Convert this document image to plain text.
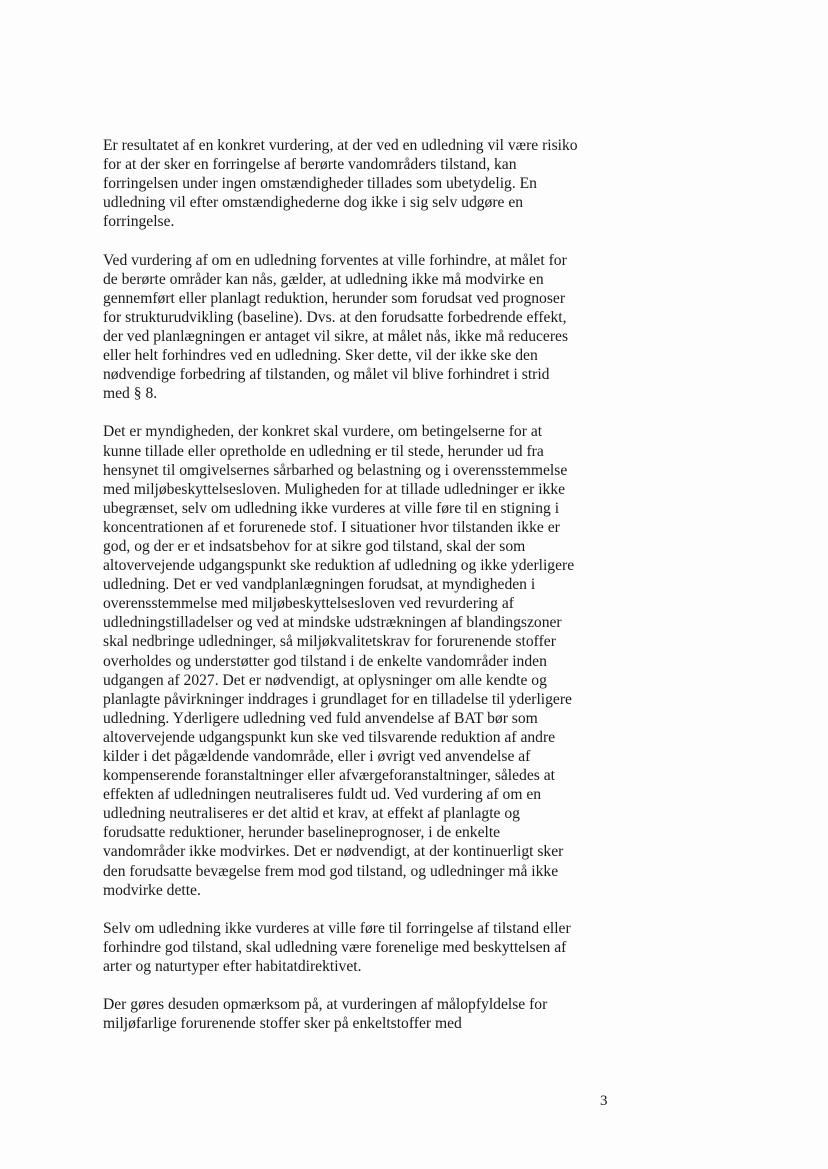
Er resultatet af en konkret vurdering, at der ved en udledning vil være risiko
for at der sker en forringelse af berørte vandområders tilstand, kan
forringelsen under ingen omstændigheder tillades som ubetydelig. En
udledning vil efter omstændighederne dog ikke i sig selv udgøre en
forringelse.

Ved vurdering af om en udledning forventes at ville forhindre, at målet for
de berørte områder kan nås, gælder, at udledning ikke må modvirke en
gennemført eller planlagt reduktion, herunder som forudsat ved prognoser
for strukturudvikling (baseline). Dvs. at den forudsatte forbedrende effekt,
der ved planlægningen er antaget vil sikre, at målet nås, ikke må reduceres
eller helt forhindres ved en udledning. Sker dette, vil der ikke ske den
nødvendige forbedring af tilstanden, og målet vil blive forhindret i strid
med § 8.

Det er myndigheden, der konkret skal vurdere, om betingelserne for at
kunne tillade eller opretholde en udledning er til stede, herunder ud fra
hensynet til omgivelsernes sårbarhed og belastning og i overensstemmelse
med miljøbeskyttelsesloven. Muligheden for at tillade udledninger er ikke
ubegrænset, selv om udledning ikke vurderes at ville føre til en stigning i
koncentrationen af et forurenede stof. I situationer hvor tilstanden ikke er
god, og der er et indsatsbehov for at sikre god tilstand, skal der som
altovervejende udgangspunkt ske reduktion af udledning og ikke yderligere
udledning. Det er ved vandplanlægningen forudsat, at myndigheden i
overensstemmelse med miljøbeskyttelsesloven ved revurdering af
udledningstilladelser og ved at mindske udstrækningen af blandingszoner
skal nedbringe udledninger, så miljøkvalitetskrav for forurenende stoffer
overholdes og understøtter god tilstand i de enkelte vandområder inden
udgangen af 2027. Det er nødvendigt, at oplysninger om alle kendte og
planlagte påvirkninger inddrages i grundlaget for en tilladelse til yderligere
udledning. Yderligere udledning ved fuld anvendelse af BAT bør som
altovervejende udgangspunkt kun ske ved tilsvarende reduktion af andre
kilder i det pågældende vandområde, eller i øvrigt ved anvendelse af
kompenserende foranstaltninger eller afværgeforanstaltninger, således at
effekten af udledningen neutraliseres fuldt ud. Ved vurdering af om en
udledning neutraliseres er det altid et krav, at effekt af planlagte og
forudsatte reduktioner, herunder baselineprognoser, i de enkelte
vandområder ikke modvirkes. Det er nødvendigt, at der kontinuerligt sker
den forudsatte bevægelse frem mod god tilstand, og udledninger må ikke
modvirke dette.

Selv om udledning ikke vurderes at ville føre til forringelse af tilstand eller
forhindre god tilstand, skal udledning være forenelige med beskyttelsen af
arter og naturtyper efter habitatdirektivet.

Der gøres desuden opmærksom på, at vurderingen af målopfyldelse for
miljøfarlige forurenende stoffer sker på enkeltstoffer med

3
